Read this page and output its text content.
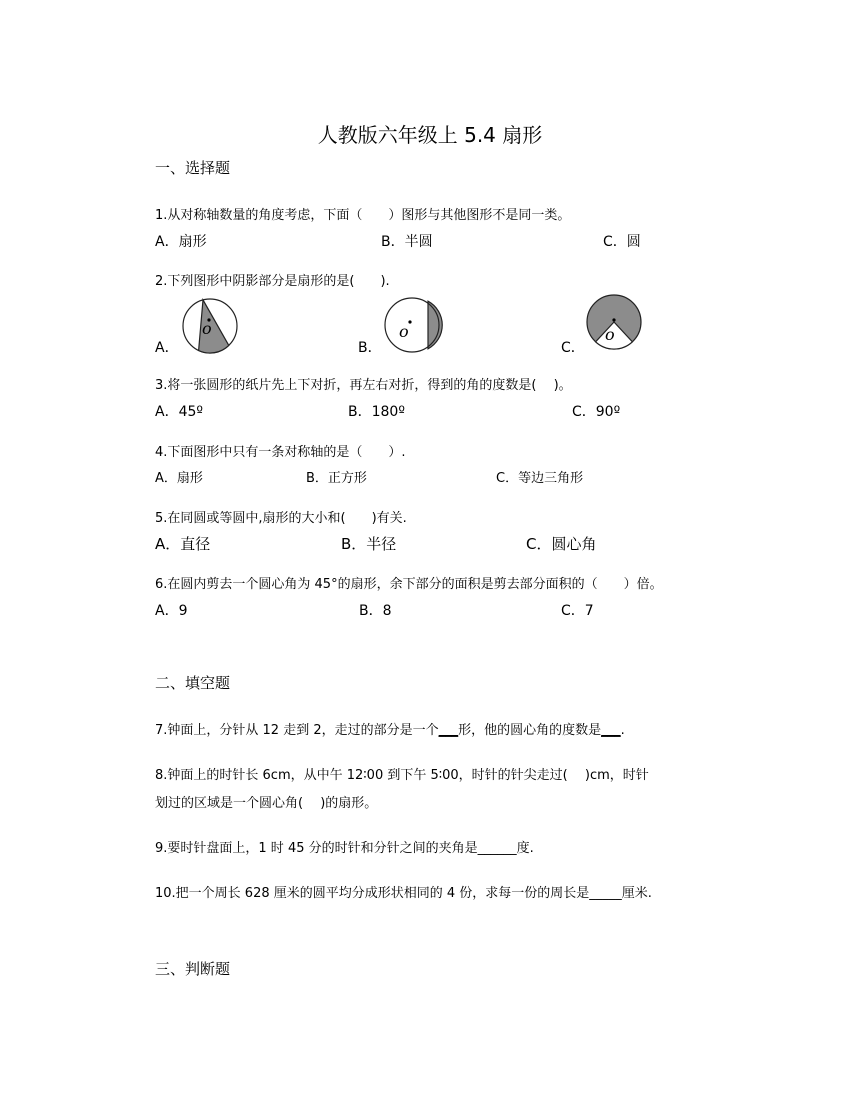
人教版六年级上 5.4 扇形
一、选择题
1.从对称轴数量的角度考虑，下面（　　）图形与其他图形不是同一类。
A．扇形	B．半圆	C．圆
2.下列图形中阴影部分是扇形的是(　　).
A．	B．	C．
o	o	o
3.将一张圆形的纸片先上下对折，再左右对折，得到的角的度数是(　 )。
A．45º	B．180º	C．90º
4.下面图形中只有一条对称轴的是（　　）.
A．扇形	B．正方形	C．等边三角形
5.在同圆或等圆中,扇形的大小和(　　)有关.
A．直径	B．半径	C．圆心角
6.在圆内剪去一个圆心角为 45°的扇形，余下部分的面积是剪去部分面积的（　　）倍。
A．9	B．8	C．7
二、填空题
7.钟面上，分针从 12 走到 2，走过的部分是一个___形，他的圆心角的度数是___.
8.钟面上的时针长 6cm，从中午 12∶00 到下午 5∶00，时针的针尖走过(　 )cm，时针
划过的区域是一个圆心角(　 )的扇形。
9.要时针盘面上，1 时 45 分的时针和分针之间的夹角是______度.
10.把一个周长 628 厘米的圆平均分成形状相同的 4 份，求每一份的周长是_____厘米.
三、判断题
